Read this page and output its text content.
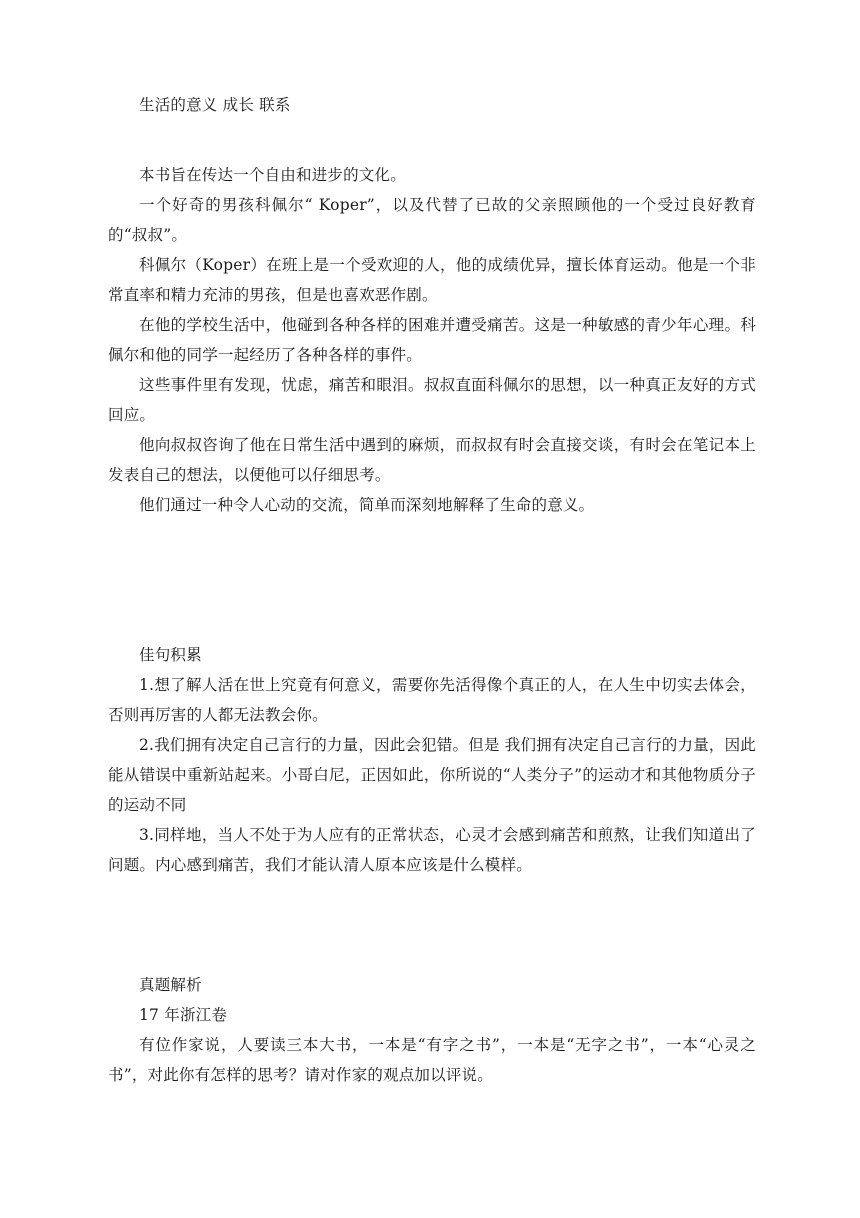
生活的意义 成长 联系

本书旨在传达一个自由和进步的文化。

一个好奇的男孩科佩尔“ Koper”，以及代替了已故的父亲照顾他的一个受过良好教育的“叔叔”。

科佩尔（Koper）在班上是一个受欢迎的人，他的成绩优异，擅长体育运动。他是一个非常直率和精力充沛的男孩，但是也喜欢恶作剧。

在他的学校生活中，他碰到各种各样的困难并遭受痛苦。这是一种敏感的青少年心理。科佩尔和他的同学一起经历了各种各样的事件。

这些事件里有发现，忧虑，痛苦和眼泪。叔叔直面科佩尔的思想，以一种真正友好的方式回应。

他向叔叔咨询了他在日常生活中遇到的麻烦，而叔叔有时会直接交谈，有时会在笔记本上发表自己的想法，以便他可以仔细思考。

他们通过一种令人心动的交流，简单而深刻地解释了生命的意义。

佳句积累

1.想了解人活在世上究竟有何意义，需要你先活得像个真正的人，在人生中切实去体会，否则再厉害的人都无法教会你。

2.我们拥有决定自己言行的力量，因此会犯错。但是 我们拥有决定自己言行的力量，因此能从错误中重新站起来。小哥白尼，正因如此，你所说的“人类分子”的运动才和其他物质分子的运动不同

3.同样地，当人不处于为人应有的正常状态，心灵才会感到痛苦和煎熬，让我们知道出了问题。内心感到痛苦，我们才能认清人原本应该是什么模样。

真题解析

17 年浙江卷

有位作家说，人要读三本大书，一本是“有字之书”，一本是“无字之书”，一本“心灵之书”，对此你有怎样的思考？请对作家的观点加以评说。
